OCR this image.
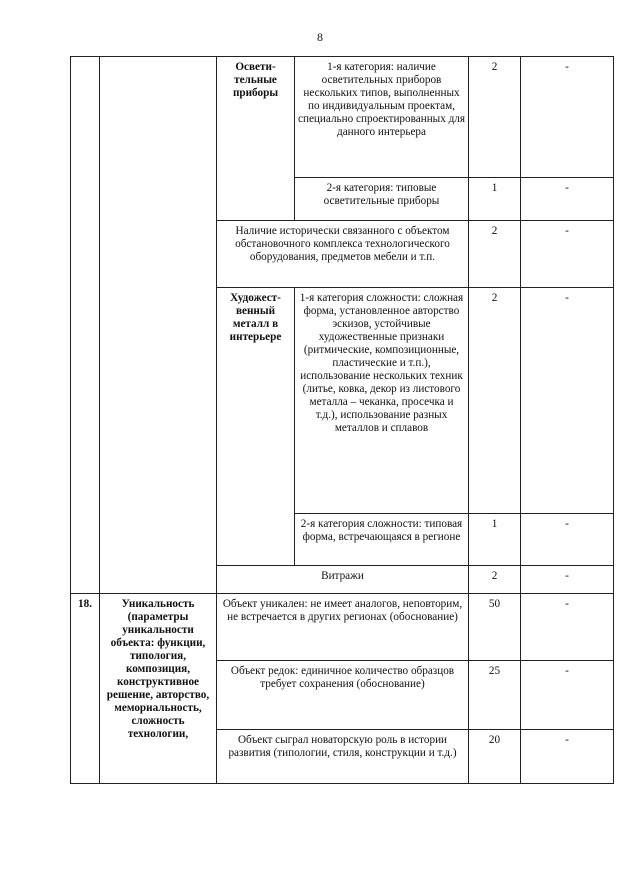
8
		Освети-тельные приборы	1-я категория: наличие осветительных приборов нескольких типов, выполненных по индивидуальным проектам, специально спроектированных для данного интерьера	2	-
			2-я категория: типовые осветительные приборы	1	-
		Наличие исторически связанного с объектом обстановочного комплекса технологического оборудования, предметов мебели и т.п.		2	-
		Художест-венный металл в интерьере	1-я категория сложности: сложная форма, установленное авторство эскизов, устойчивые художественные признаки (ритмические, композиционные, пластические и т.п.), использование нескольких техник (литье, ковка, декор из листового металла – чеканка, просечка и т.д.), использование разных металлов и сплавов	2	-
			2-я категория сложности: типовая форма, встречающаяся в регионе	1	-
		Витражи		2	-
18.	Уникальность (параметры уникальности объекта: функции, типология, композиция, конструктивное решение, авторство, мемориальность, сложность технологии,	Объект уникален: не имеет аналогов, неповторим, не встречается в других регионах (обоснование)		50	-
		Объект редок: единичное количество образцов требует сохранения (обоснование)		25	-
		Объект сыграл новаторскую роль в истории развития (типологии, стиля, конструкции и т.д.)		20	-
